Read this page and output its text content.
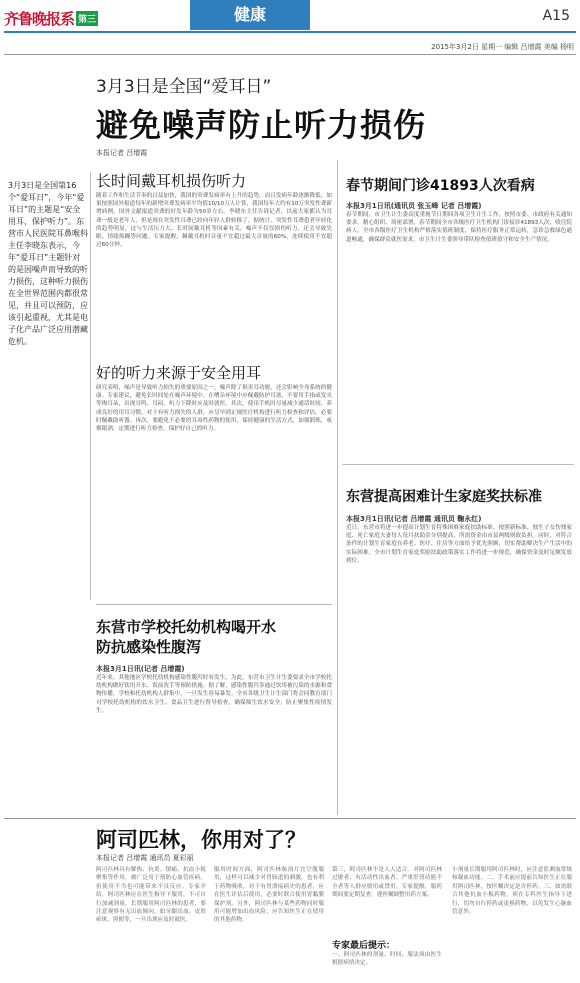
齐鲁晚报系 第三	健康	A15
2015年3月2日 星期一 编辑 吕增霞 美编 杨明
3月3日是全国“爱耳日”
避免噪声防止听力损伤
本报记者 吕增霞
3月3日是全国第16个“爱耳日”，今年“爱耳日”的主题是“安全用耳，保护听力”。东营市人民医院耳鼻喉科主任李晓东表示，今年“爱耳日”主题针对的是因噪声而导致的听力损伤，这种听力损伤在全世界范围内都很常见，并且可以预防，应该引起重视，尤其是电子化产品广泛应用潜藏危机。
长时间戴耳机损伤听力
随着工作和生活节奏的日益加快，我国的突聋发病率有上升的趋势，而且发病年龄逐渐降低。如果按照国外报道每年的新增突聋发病率平均值10/10万人计算，我国每年大约有10万突发性聋新增病例，国外文献报道突聋的好发年龄为50岁左右。李晓东主任告诉记者，以前大家都认为耳聋一般是老年人，但是现在突发性耳聋已经向年轻人群转移了。据统计，突发性耳聋患者年轻化的趋势明显，这与生活压力大、长时间戴耳机等因素有关。噪声不仅仅损伤听力，还会导致失眠、情绪烦躁等问题。专家提醒，佩戴耳机时音量不宜超过最大音量的60%，连续使用不宜超过60分钟。
好的听力来源于安全用耳
研究表明，噪声是导致听力损失的重要原因之一，噪声除了损害耳功能，还会影响全身系统的健康。专家建议，避免长时间处在噪声环境中，在嘈杂环境中应佩戴防护耳塞，不要用手指或发夹等掏耳朵，出现耳鸣、耳闷、听力下降时应及时就医。其次，使用手机时尽量减少通话时间，养成良好的用耳习惯。对于有听力损失的人群，应尽早到正规医疗机构进行听力检查和评估，必要时佩戴助听器。再次，要避免不必要的耳毒性药物的使用，保持健康的生活方式，加强锻炼，戒烟限酒，定期进行听力检查，保护好自己的听力。
春节期间门诊41893人次看病
本报3月1日讯(通讯员 张玉峰 记者 吕增霞)
春节期间，市卫生计生委高度重视节日期间各项卫生计生工作，按照市委、市政府有关通知要求，精心组织、周密部署，春节期间全市各级医疗卫生机构门诊接诊41893人次，收住院病人。全市各级医疗卫生机构严格落实值班制度，保持医疗服务正常运转，急诊急救绿色通道畅通，确保群众就医需求。市卫生计生委领导带队检查值班值守和安全生产情况。
东营提高困难计生家庭奖扶标准
本报3月1日讯(记者 吕增霞 通讯员 鞠永红)
近日，东营市将进一步提高计划生育特殊困难家庭扶助标准。按照新标准，独生子女伤残家庭、死亡家庭夫妻每人每月扶助金分别提高，所需资金由市县两级财政负担。同时，对符合条件的计划生育家庭在养老、医疗、住房等方面给予优先照顾，切实帮助解决生产生活中的实际困难。全市计划生育家庭奖励扶助政策落实工作将进一步规范，确保资金及时足额发放到位。
东营市学校托幼机构喝开水
防抗感染性腹泻
本报3月1日讯(记者 吕增霞)
近年来，其他地区学校托幼机构感染性腹泻时有发生，为此，东营市卫生计生委要求全市学校托幼机构做好饮用开水、饭前洗手等预防措施。据了解，感染性腹泻多通过饮用被污染的水源和食物传播，学校和托幼机构人群集中，一旦发生容易暴发。全市各级卫生计生部门将会同教育部门对学校托幼机构的饮水卫生、食品卫生进行督导检查，确保师生饮水安全，防止聚集性疫情发生。
阿司匹林，你用对了？
本报记者 吕增霞 通讯员 夏彩丽
阿司匹林具有解热、抗炎、镇痛、抗血小板聚集等作用，被广泛用于预防心血管疾病。但使用不当也可能带来不良反应。专家介绍，阿司匹林应在医生指导下服用，不可自行加减剂量。长期服用阿司匹林的患者，要注意观察有无出血倾向，如牙龈出血、皮肤瘀斑、黑便等，一旦出现应及时就医。
服用时间方面，阿司匹林肠溶片宜空腹服用，这样可以减少对胃肠道的刺激，也有利于药物吸收。对于有胃溃疡病史的患者，应在医生评估后使用，必要时联合使用胃黏膜保护剂。另外，阿司匹林与某些药物同时服用可能增加出血风险，应告知医生正在使用的其他药物。
第三，阿司匹林不是人人适合。对阿司匹林过敏者、有活动性出血者、严重肝肾功能不全者等人群应慎用或禁用。专家提醒，服药期间要定期复查，遵医嘱调整用药方案。
专家最后提示：
一、阿司匹林的剂量、时间、服法须由医生根据病情决定。
小剂量长期服用阿司匹林时，应注意监测血常规和凝血功能。二、手术前应提前告知医生正在服用阿司匹林，按医嘱决定是否停药。三、如需联合其他抗血小板药物，须在专科医生指导下进行，切勿自行停药或更换药物，以免发生心脑血管意外。
